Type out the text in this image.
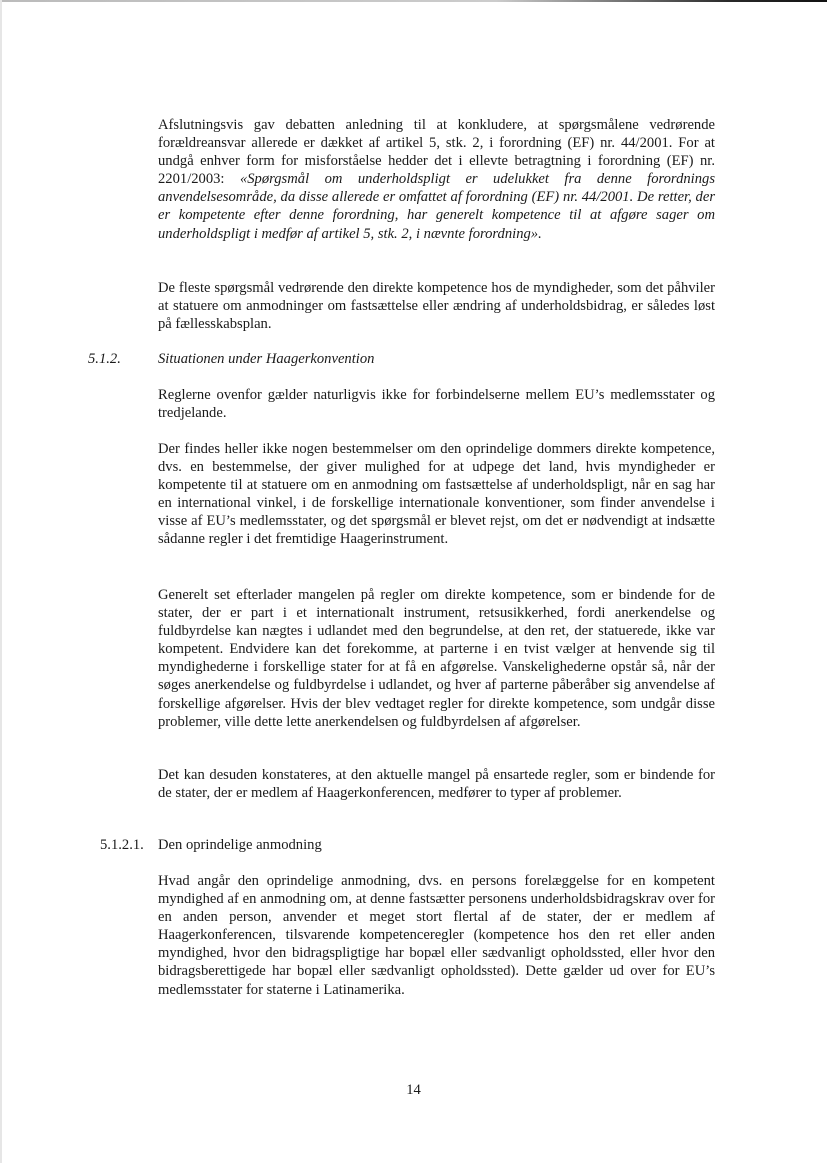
Afslutningsvis gav debatten anledning til at konkludere, at spørgsmålene vedrørende forældreansvar allerede er dækket af artikel 5, stk. 2, i forordning (EF) nr. 44/2001. For at undgå enhver form for misforståelse hedder det i ellevte betragtning i forordning (EF) nr. 2201/2003: «Spørgsmål om underholdspligt er udelukket fra denne forordnings anvendelsesområde, da disse allerede er omfattet af forordning (EF) nr. 44/2001. De retter, der er kompetente efter denne forordning, har generelt kompetence til at afgøre sager om underholdspligt i medfør af artikel 5, stk. 2, i nævnte forordning».

De fleste spørgsmål vedrørende den direkte kompetence hos de myndigheder, som det påhviler at statuere om anmodninger om fastsættelse eller ændring af underholdsbidrag, er således løst på fællesskabsplan.

5.1.2.	Situationen under Haagerkonvention

Reglerne ovenfor gælder naturligvis ikke for forbindelserne mellem EU’s medlemsstater og tredjelande.

Der findes heller ikke nogen bestemmelser om den oprindelige dommers direkte kompetence, dvs. en bestemmelse, der giver mulighed for at udpege det land, hvis myndigheder er kompetente til at statuere om en anmodning om fastsættelse af underholdspligt, når en sag har en international vinkel, i de forskellige internationale konventioner, som finder anvendelse i visse af EU’s medlemsstater, og det spørgsmål er blevet rejst, om det er nødvendigt at indsætte sådanne regler i det fremtidige Haagerinstrument.

Generelt set efterlader mangelen på regler om direkte kompetence, som er bindende for de stater, der er part i et internationalt instrument, retsusikkerhed, fordi anerkendelse og fuldbyrdelse kan nægtes i udlandet med den begrundelse, at den ret, der statuerede, ikke var kompetent. Endvidere kan det forekomme, at parterne i en tvist vælger at henvende sig til myndighederne i forskellige stater for at få en afgørelse. Vanskelighederne opstår så, når der søges anerkendelse og fuldbyrdelse i udlandet, og hver af parterne påberåber sig anvendelse af forskellige afgørelser. Hvis der blev vedtaget regler for direkte kompetence, som undgår disse problemer, ville dette lette anerkendelsen og fuldbyrdelsen af afgørelser.

Det kan desuden konstateres, at den aktuelle mangel på ensartede regler, som er bindende for de stater, der er medlem af Haagerkonferencen, medfører to typer af problemer.

5.1.2.1. Den oprindelige anmodning

Hvad angår den oprindelige anmodning, dvs. en persons forelæggelse for en kompetent myndighed af en anmodning om, at denne fastsætter personens underholdsbidragskrav over for en anden person, anvender et meget stort flertal af de stater, der er medlem af Haagerkonferencen, tilsvarende kompetenceregler (kompetence hos den ret eller anden myndighed, hvor den bidragspligtige har bopæl eller sædvanligt opholdssted, eller hvor den bidragsberettigede har bopæl eller sædvanligt opholdssted). Dette gælder ud over for EU’s medlemsstater for staterne i Latinamerika.

14
